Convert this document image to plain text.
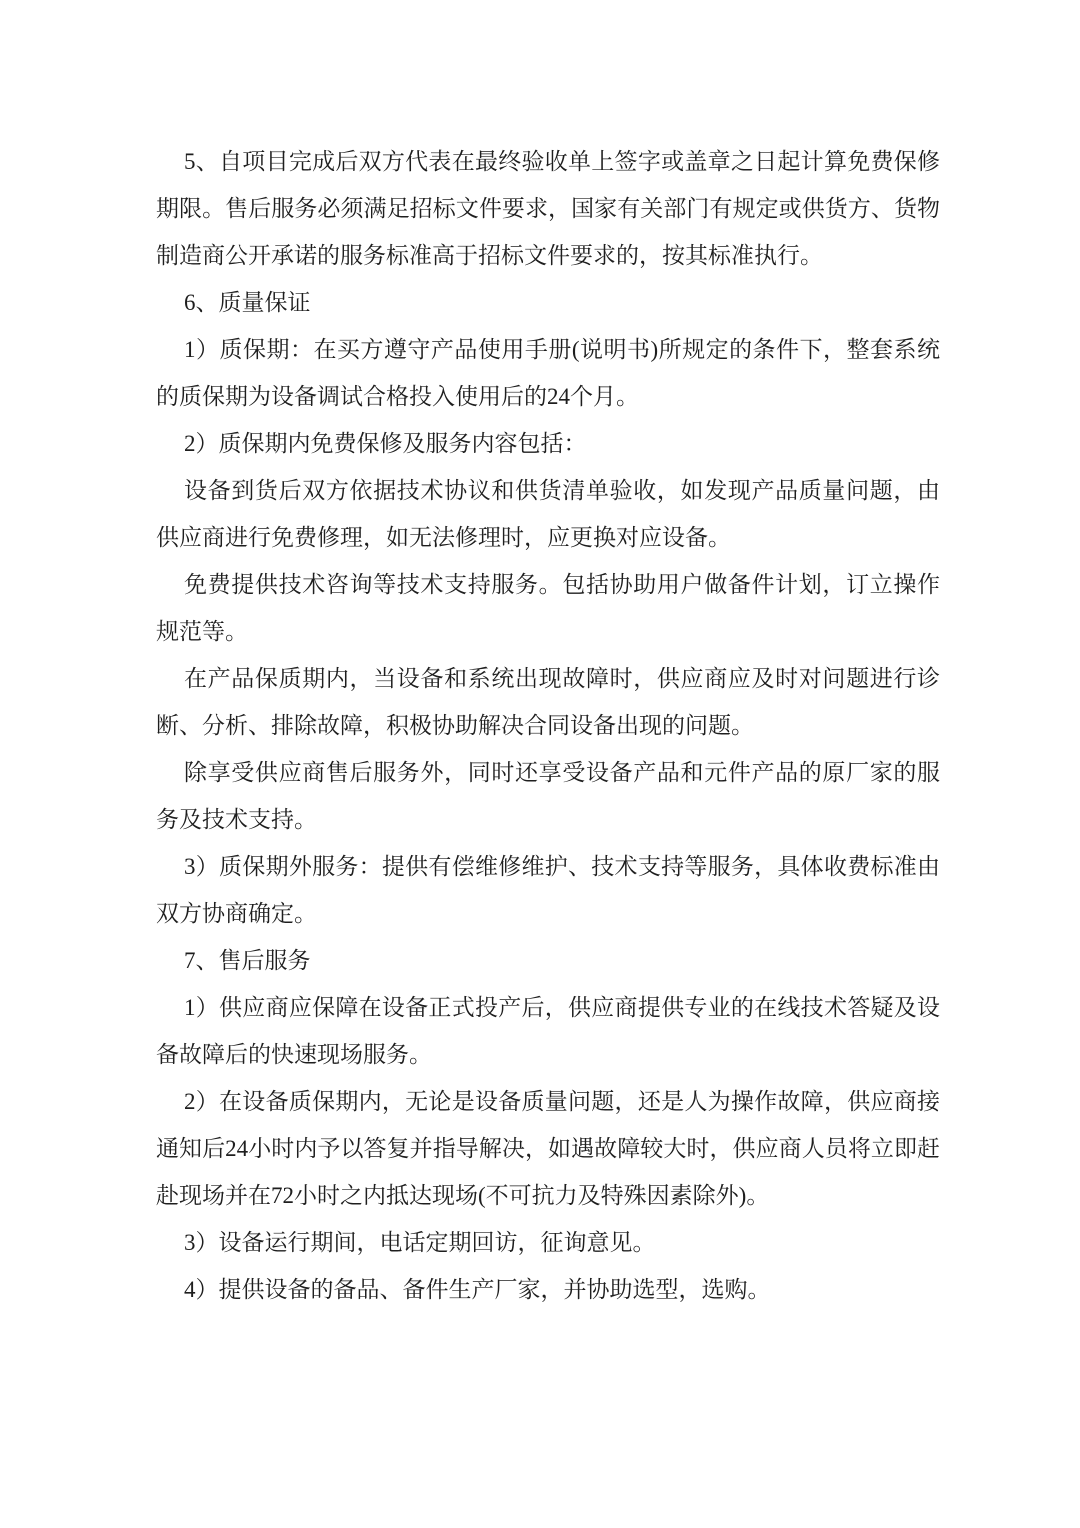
5、自项目完成后双方代表在最终验收单上签字或盖章之日起计算免费保修期限。售后服务必须满足招标文件要求，国家有关部门有规定或供货方、货物制造商公开承诺的服务标准高于招标文件要求的，按其标准执行。

6、质量保证

1）质保期：在买方遵守产品使用手册(说明书)所规定的条件下，整套系统的质保期为设备调试合格投入使用后的24个月。

2）质保期内免费保修及服务内容包括：

设备到货后双方依据技术协议和供货清单验收，如发现产品质量问题，由供应商进行免费修理，如无法修理时，应更换对应设备。

免费提供技术咨询等技术支持服务。包括协助用户做备件计划，订立操作规范等。

在产品保质期内，当设备和系统出现故障时，供应商应及时对问题进行诊断、分析、排除故障，积极协助解决合同设备出现的问题。

除享受供应商售后服务外，同时还享受设备产品和元件产品的原厂家的服务及技术支持。

3）质保期外服务：提供有偿维修维护、技术支持等服务，具体收费标准由双方协商确定。

7、售后服务

1）供应商应保障在设备正式投产后，供应商提供专业的在线技术答疑及设备故障后的快速现场服务。

2）在设备质保期内，无论是设备质量问题，还是人为操作故障，供应商接通知后24小时内予以答复并指导解决，如遇故障较大时，供应商人员将立即赶赴现场并在72小时之内抵达现场(不可抗力及特殊因素除外)。

3）设备运行期间，电话定期回访，征询意见。

4）提供设备的备品、备件生产厂家，并协助选型，选购。
